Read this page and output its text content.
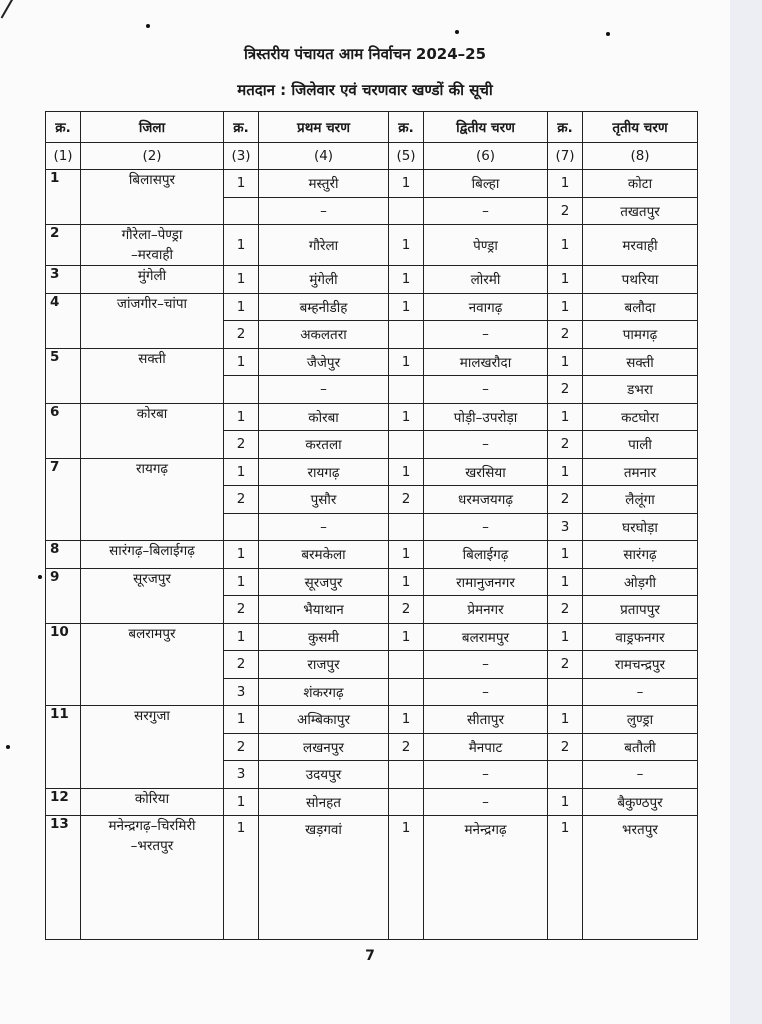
त्रिस्तरीय पंचायत आम निर्वाचन 2024–25
मतदान : जिलेवार एवं चरणवार खण्डों की सूची
क्र.	जिला	क्र.	प्रथम चरण	क्र.	द्वितीय चरण	क्र.	तृतीय चरण
(1)	(2)	(3)	(4)	(5)	(6)	(7)	(8)
1	बिलासपुर	1	मस्तुरी	1	बिल्हा	1	कोटा
			–		–	2	तखतपुर
2	गौरेला–पेण्ड्रा
–मरवाही	1	गौरेला	1	पेण्ड्रा	1	मरवाही
3	मुंगेली	1	मुंगेली	1	लोरमी	1	पथरिया
4	जांजगीर–चांपा	1	बम्हनीडीह	1	नवागढ़	1	बलौदा
		2	अकलतरा		–	2	पामगढ़
5	सक्ती	1	जैजेपुर	1	मालखरौदा	1	सक्ती
			–		–	2	डभरा
6	कोरबा	1	कोरबा	1	पोड़ी–उपरोड़ा	1	कटघोरा
		2	करतला		–	2	पाली
7	रायगढ़	1	रायगढ़	1	खरसिया	1	तमनार
		2	पुसौर	2	धरमजयगढ़	2	लैलूंगा
			–		–	3	घरघोड़ा
8	सारंगढ़–बिलाईगढ़	1	बरमकेला	1	बिलाईगढ़	1	सारंगढ़
9	सूरजपुर	1	सूरजपुर	1	रामानुजनगर	1	ओड़गी
		2	भैयाथान	2	प्रेमनगर	2	प्रतापपुर
10	बलरामपुर	1	कुसमी	1	बलरामपुर	1	वाड्रफनगर
		2	राजपुर		–	2	रामचन्द्रपुर
		3	शंकरगढ़		–		–
11	सरगुजा	1	अम्बिकापुर	1	सीतापुर	1	लुण्ड्रा
		2	लखनपुर	2	मैनपाट	2	बतौली
		3	उदयपुर		–		–
12	कोरिया	1	सोनहत		–	1	बैकुण्ठपुर
13	मनेन्द्रगढ़–चिरमिरी
–भरतपुर	1	खड़गवां	1	मनेन्द्रगढ़	1	भरतपुर
7
